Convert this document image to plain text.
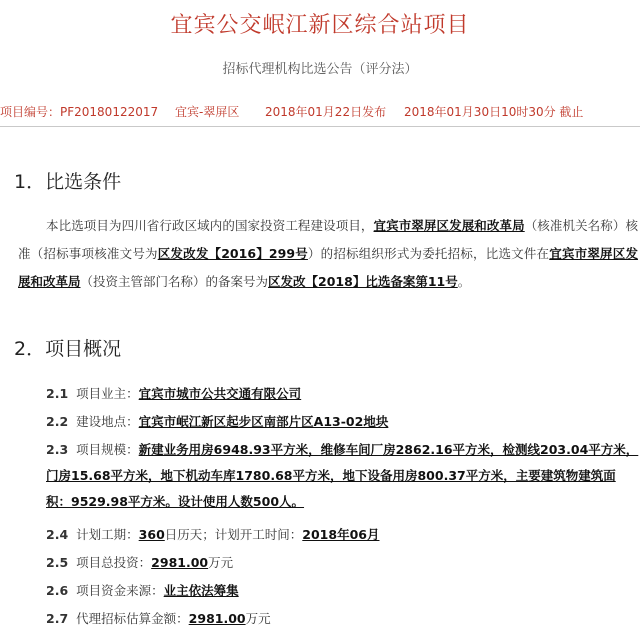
宜宾公交岷江新区综合站项目
招标代理机构比选公告（评分法）
项目编号：PF20180122017 宜宾-翠屏区 2018年01月22日发布 2018年01月30日10时30分 截止
1．比选条件

本比选项目为四川省行政区域内的国家投资工程建设项目，宜宾市翠屏区发展和改革局（核准机关名称）核准（招标事项核准文号为区发改发【2016】299号）的招标组织形式为委托招标，比选文件在宜宾市翠屏区发展和改革局（投资主管部门名称）的备案号为区发改【2018】比选备案第11号。

2．项目概况

2.1 项目业主：宜宾市城市公共交通有限公司

2.2 建设地点：宜宾市岷江新区起步区南部片区A13-02地块

2.3 项目规模：新建业务用房6948.93平方米，维修车间厂房2862.16平方米，检测线203.04平方米，门房15.68平方米，地下机动车库1780.68平方米，地下设备用房800.37平方米，主要建筑物建筑面积：9529.98平方米。设计使用人数500人。

2.4 计划工期：360日历天；计划开工时间：2018年06月

2.5 项目总投资：2981.00万元

2.6 项目资金来源：业主依法筹集

2.7 代理招标估算金额：2981.00万元
